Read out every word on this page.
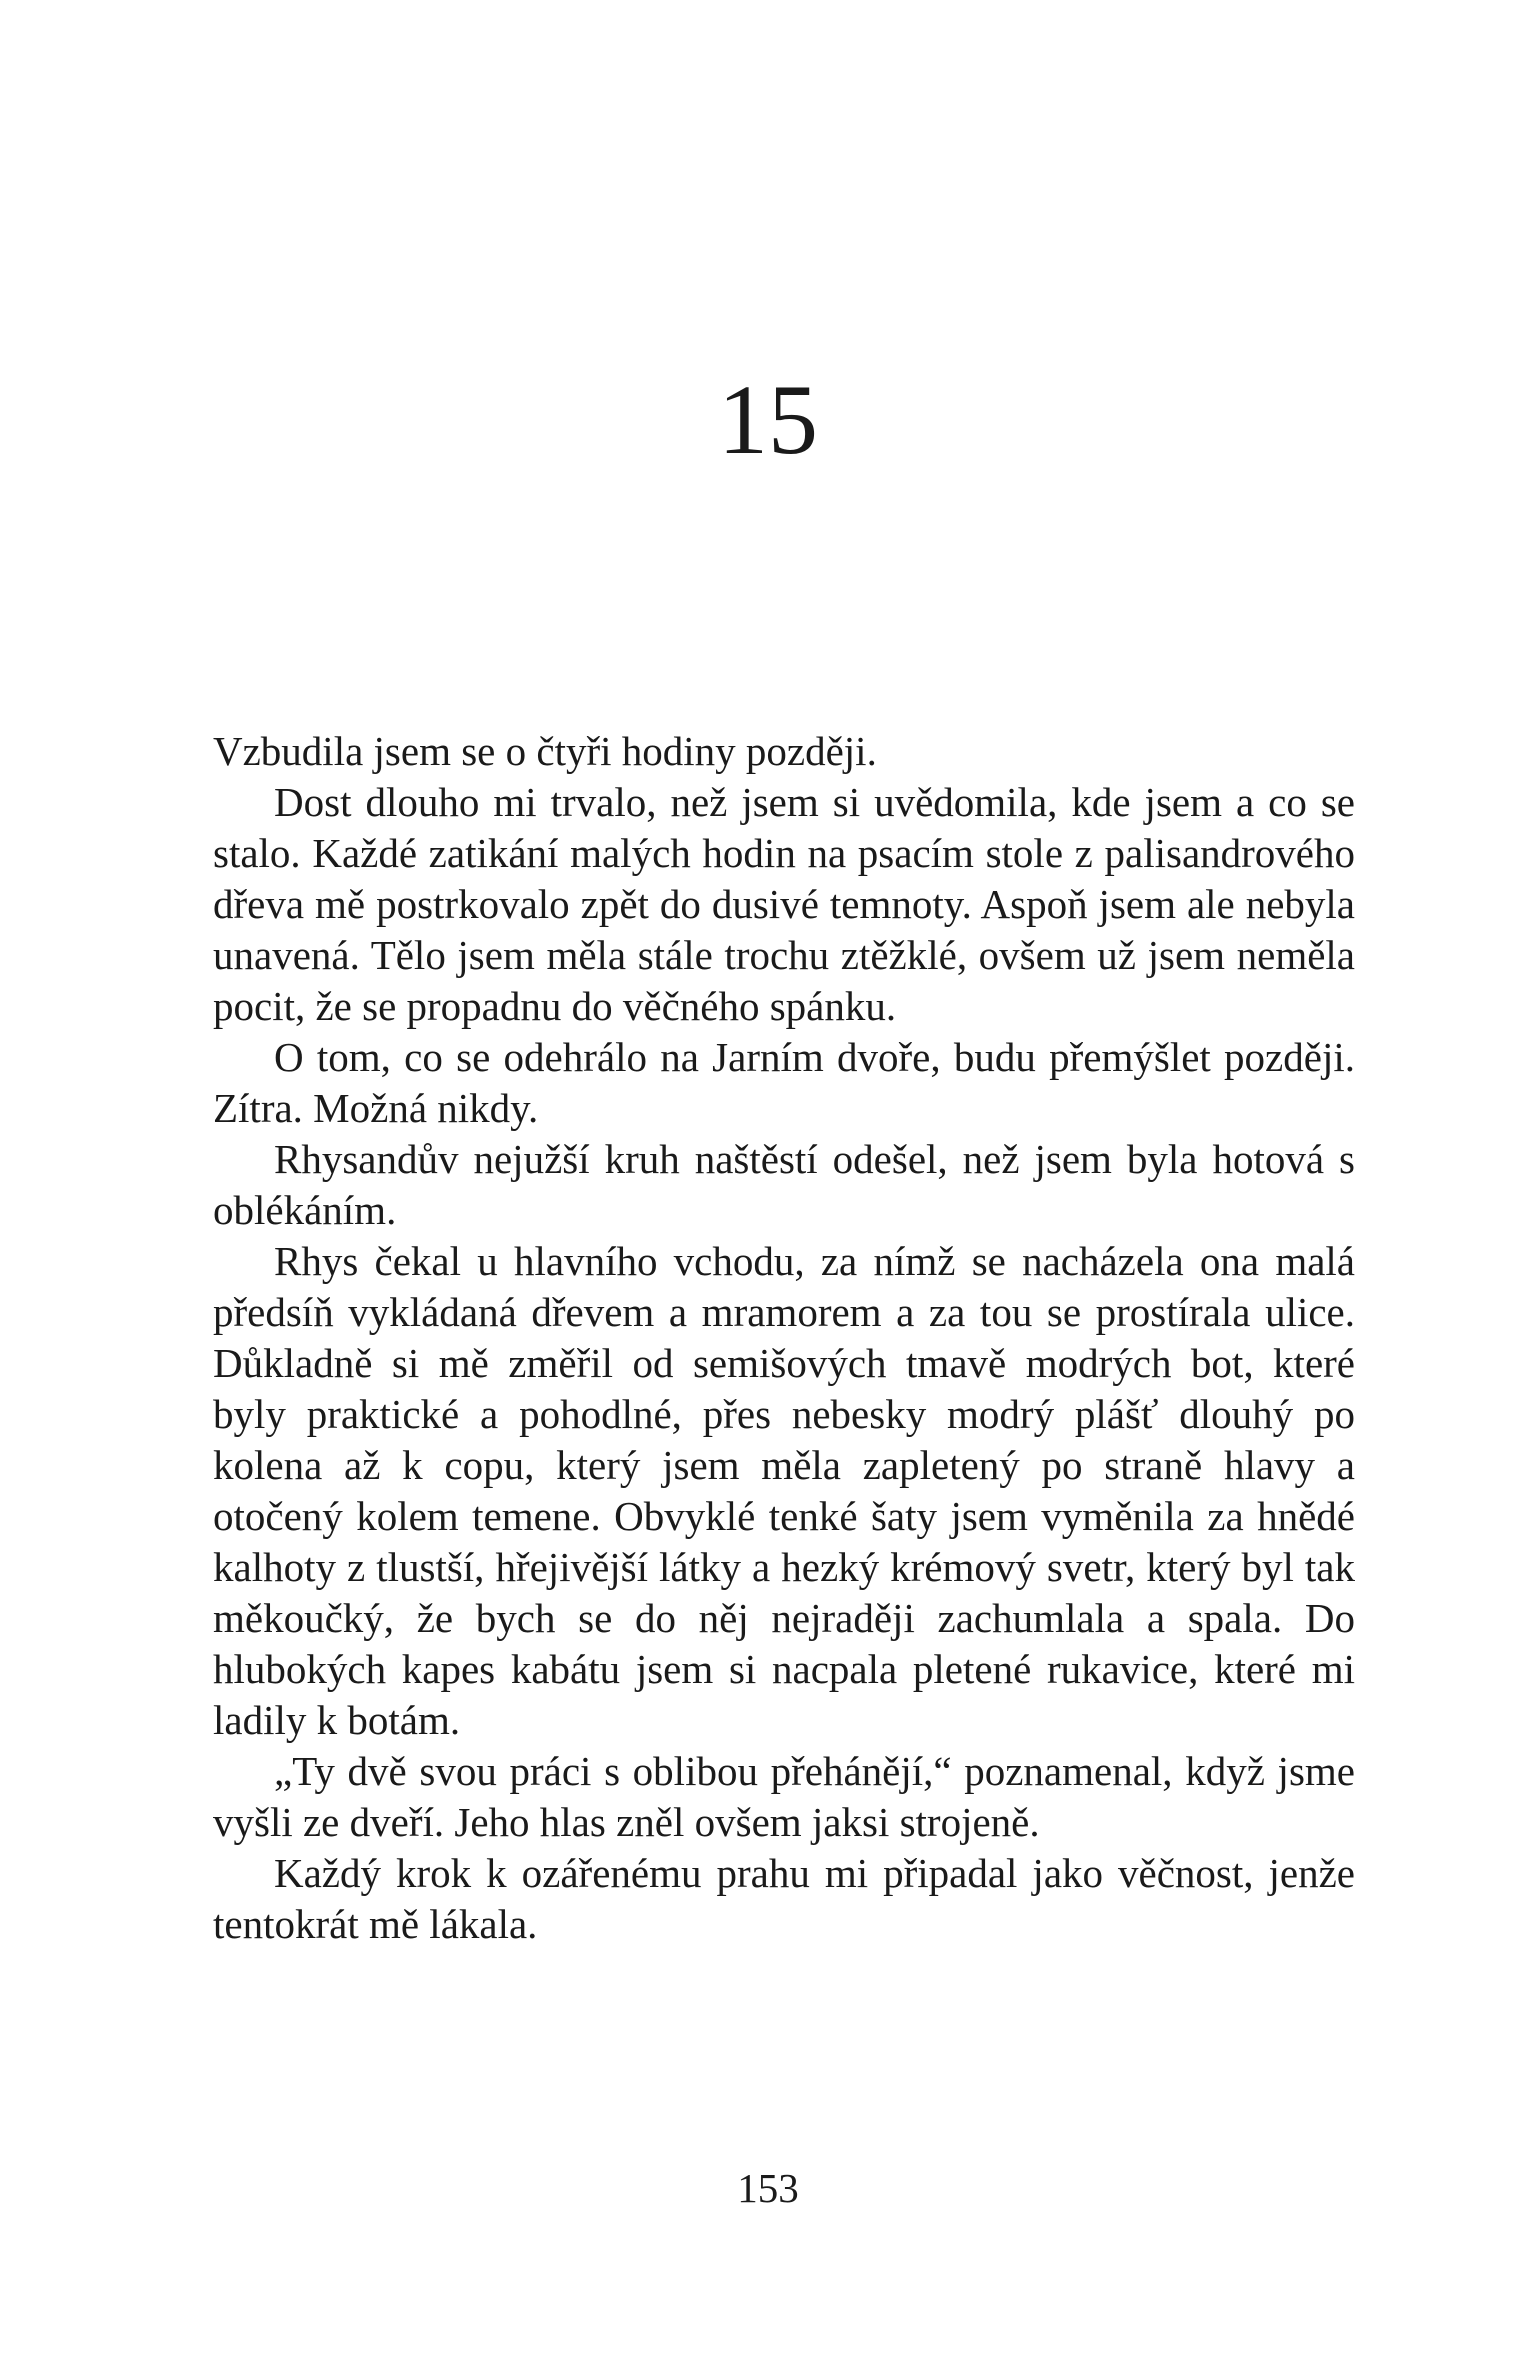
15

Vzbudila jsem se o čtyři hodiny později.

Dost dlouho mi trvalo, než jsem si uvědomila, kde jsem a co se stalo. Každé zatikání malých hodin na psacím stole z palisandrového dřeva mě postrkovalo zpět do dusivé temnoty. Aspoň jsem ale nebyla unavená. Tělo jsem měla stále trochu ztěžklé, ovšem už jsem neměla pocit, že se propadnu do věčného spánku.

O tom, co se odehrálo na Jarním dvoře, budu přemýšlet později. Zítra. Možná nikdy.

Rhysandův nejužší kruh naštěstí odešel, než jsem byla hotová s oblékáním.

Rhys čekal u hlavního vchodu, za nímž se nacházela ona malá předsíň vykládaná dřevem a mramorem a za tou se prostírala ulice. Důkladně si mě změřil od semišových tmavě modrých bot, které byly praktické a pohodlné, přes nebesky modrý plášť dlouhý po kolena až k copu, který jsem měla zapletený po straně hlavy a otočený kolem temene. Obvyklé tenké šaty jsem vyměnila za hnědé kalhoty z tlustší, hřejivější látky a hezký krémový svetr, který byl tak měkoučký, že bych se do něj nejraději zachumlala a spala. Do hlubokých kapes kabátu jsem si nacpala pletené rukavice, které mi ladily k botám.

„Ty dvě svou práci s oblibou přehánějí,“ poznamenal, když jsme vyšli ze dveří. Jeho hlas zněl ovšem jaksi strojeně.

Každý krok k ozářenému prahu mi připadal jako věčnost, jenže tentokrát mě lákala.

153
